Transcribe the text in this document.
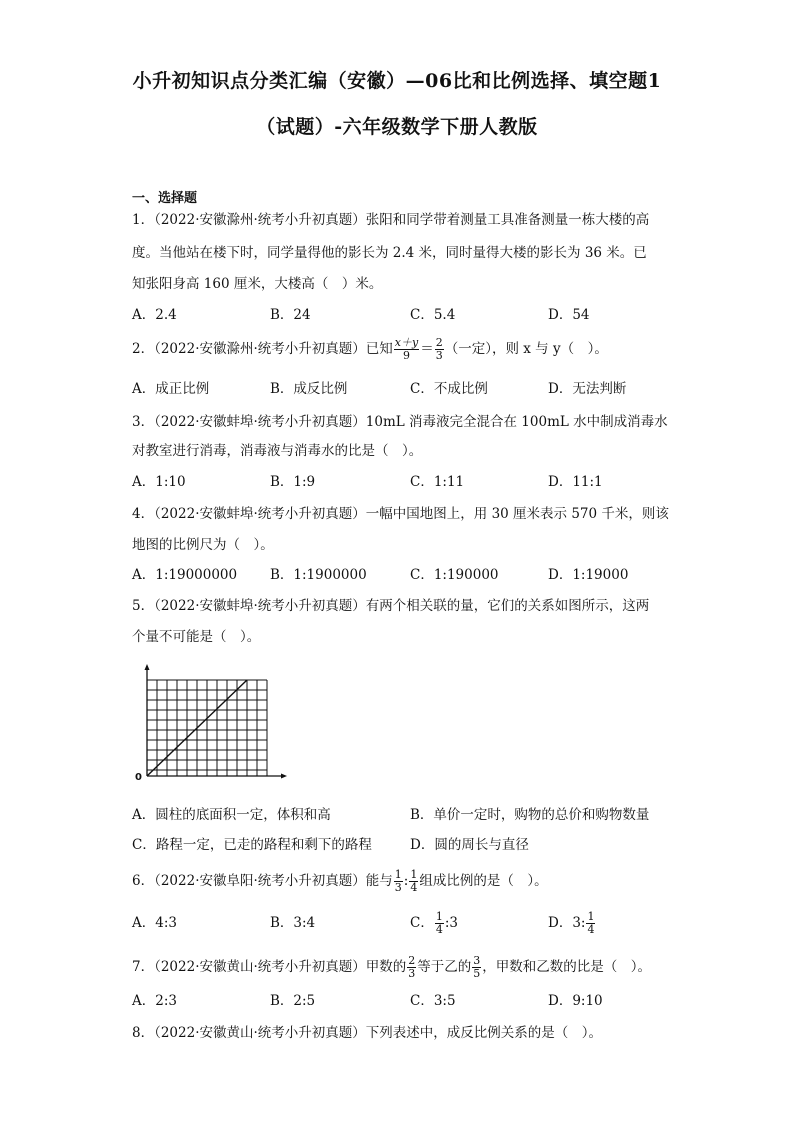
小升初知识点分类汇编（安徽）—06比和比例选择、填空题1
（试题）-六年级数学下册人教版
一、选择题
1．（2022·安徽滁州·统考小升初真题）张阳和同学带着测量工具准备测量一栋大楼的高
度。当他站在楼下时，同学量得他的影长为 2.4 米，同时量得大楼的影长为 36 米。已
知张阳身高 160 厘米，大楼高（　）米。
A．2.4	B．24	C．5.4	D．54
2．（2022·安徽滁州·统考小升初真题）已知 $\frac{x+y}{9} = \frac{2}{3}$ （一定），则 x 与 y（　）。
A．成正比例	B．成反比例	C．不成比例	D．无法判断
3．（2022·安徽蚌埠·统考小升初真题）10mL 消毒液完全混合在 100mL 水中制成消毒水
对教室进行消毒，消毒液与消毒水的比是（　）。
A．1:10	B．1:9	C．1:11	D．11:1
4．（2022·安徽蚌埠·统考小升初真题）一幅中国地图上，用 30 厘米表示 570 千米，则该
地图的比例尺为（　）。
A．1:19000000 B．1:1900000	C．1:190000	D．1:19000
5．（2022·安徽蚌埠·统考小升初真题）有两个相关联的量，它们的关系如图所示，这两
个量不可能是（　）。
0
A．圆柱的底面积一定，体积和高	B．单价一定时，购物的总价和购物数量
C．路程一定，已走的路程和剩下的路程	D．圆的周长与直径
6．（2022·安徽阜阳·统考小升初真题）能与 $\frac{1}{3}$ : $\frac{1}{4}$ 组成比例的是（　）。
A．4:3	B．3:4	C． $\frac{1}{4}$ :3	D．3: $\frac{1}{4}$
7．（2022·安徽黄山·统考小升初真题）甲数的 $\frac{2}{3}$ 等于乙的 $\frac{3}{5}$ ，甲数和乙数的比是（　）。
A．2:3	B．2:5	C．3:5	D．9:10
8．（2022·安徽黄山·统考小升初真题）下列表述中，成反比例关系的是（　）。
